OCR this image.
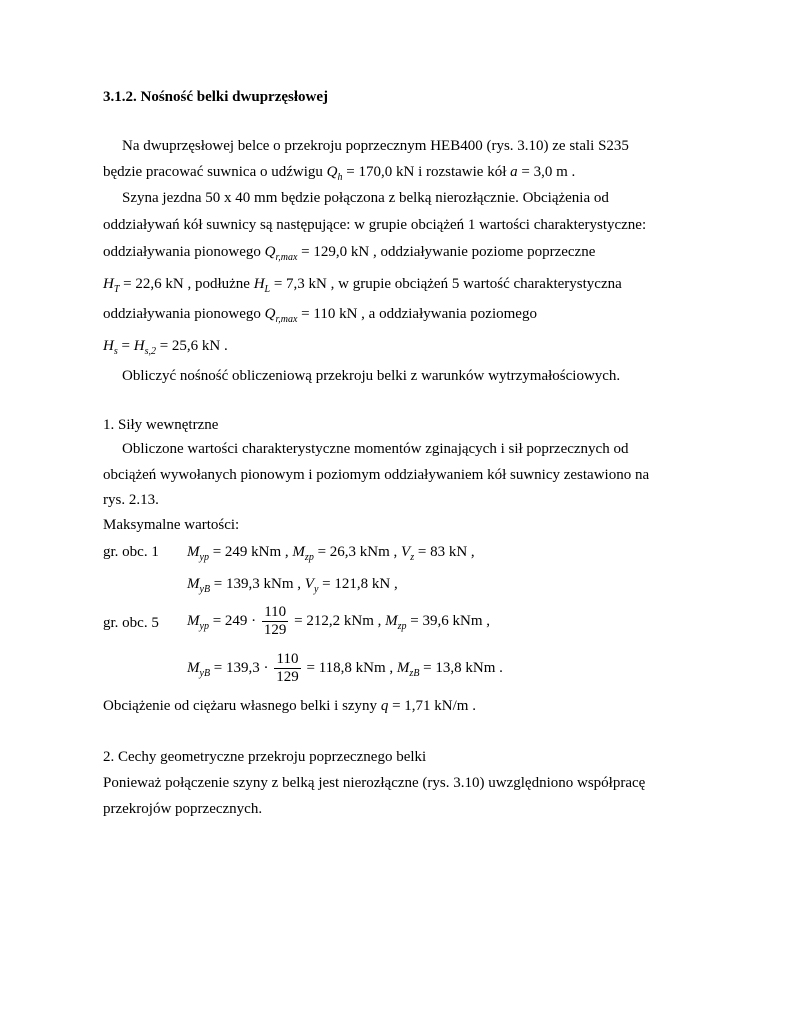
3.1.2. Nośność belki dwuprzęsłowej
Na dwuprzęsłowej belce o przekroju poprzecznym HEB400 (rys. 3.10) ze stali S235
będzie pracować suwnica o udźwigu $Q_h = 170,0$ kN i rozstawie kół a = 3,0 m .
Szyna jezdna 50 x 40 mm będzie połączona z belką nierozłącznie. Obciążenia od
oddziaływań kół suwnicy są następujące: w grupie obciążeń 1 wartości charakterystyczne:
oddziaływania pionowego $Q_{r,max} = 129,0$ kN , oddziaływanie poziome poprzeczne
$H_T = 22,6$ kN , podłużne $H_L = 7,3$ kN , w grupie obciążeń 5 wartość charakterystyczna
oddziaływania pionowego $Q_{r,max} = 110$ kN , a oddziaływania poziomego
$H_s = H_{s,2} = 25,6$ kN .
Obliczyć nośność obliczeniową przekroju belki z warunków wytrzymałościowych.
1. Siły wewnętrzne
Obliczone wartości charakterystyczne momentów zginających i sił poprzecznych od
obciążeń wywołanych pionowym i poziomym oddziaływaniem kół suwnicy zestawiono na
rys. 2.13.
Maksymalne wartości:
gr. obc. 1 $M_{yp} = 249$ kNm , $M_{zp} = 26,3$ kNm , $V_z = 83$ kN ,
$M_{yB} = 139,3$ kNm , $V_y = 121,8$ kN ,
gr. obc. 5 $M_{yp} = 249 \cdot \frac{110}{129} = 212,2$ kNm , $M_{zp} = 39,6$ kNm ,
$M_{yB} = 139,3 \cdot \frac{110}{129} = 118,8$ kNm , $M_{zB} = 13,8$ kNm .
Obciążenie od ciężaru własnego belki i szyny q = 1,71 kN/m .
2. Cechy geometryczne przekroju poprzecznego belki
Ponieważ połączenie szyny z belką jest nierozłączne (rys. 3.10) uwzględniono współpracę
przekrojów poprzecznych.
